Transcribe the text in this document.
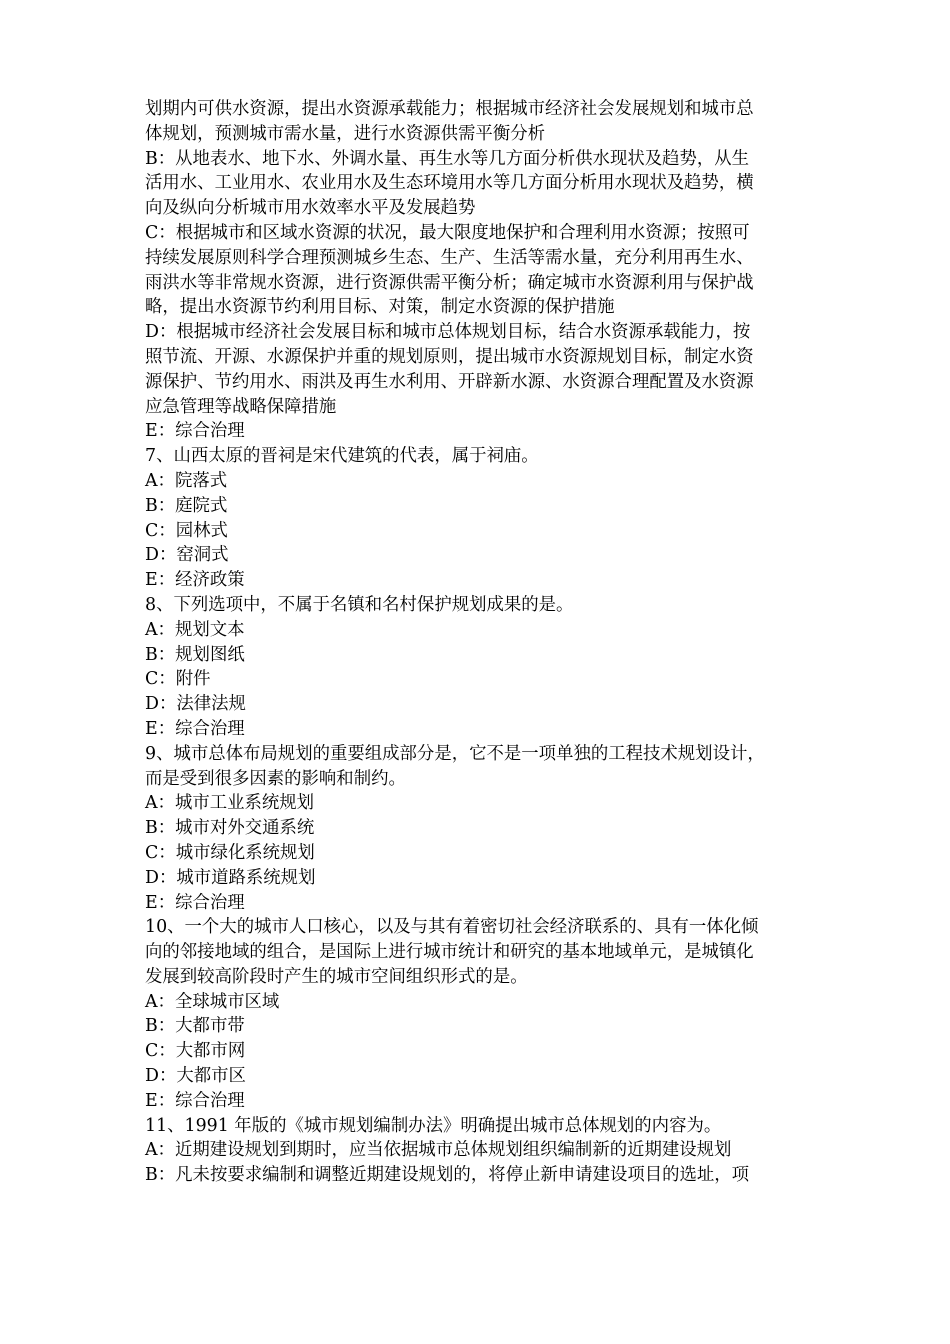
划期内可供水资源，提出水资源承载能力；根据城市经济社会发展规划和城市总
体规划，预测城市需水量，进行水资源供需平衡分析
B：从地表水、地下水、外调水量、再生水等几方面分析供水现状及趋势，从生
活用水、工业用水、农业用水及生态环境用水等几方面分析用水现状及趋势，横
向及纵向分析城市用水效率水平及发展趋势
C：根据城市和区域水资源的状况，最大限度地保护和合理利用水资源；按照可
持续发展原则科学合理预测城乡生态、生产、生活等需水量，充分利用再生水、
雨洪水等非常规水资源，进行资源供需平衡分析；确定城市水资源利用与保护战
略，提出水资源节约利用目标、对策，制定水资源的保护措施
D：根据城市经济社会发展目标和城市总体规划目标，结合水资源承载能力，按
照节流、开源、水源保护并重的规划原则，提出城市水资源规划目标，制定水资
源保护、节约用水、雨洪及再生水利用、开辟新水源、水资源合理配置及水资源
应急管理等战略保障措施
E：综合治理
7、山西太原的晋祠是宋代建筑的代表，属于祠庙。
A：院落式
B：庭院式
C：园林式
D：窑洞式
E：经济政策
8、下列选项中，不属于名镇和名村保护规划成果的是。
A：规划文本
B：规划图纸
C：附件
D：法律法规
E：综合治理
9、城市总体布局规划的重要组成部分是，它不是一项单独的工程技术规划设计，
而是受到很多因素的影响和制约。
A：城市工业系统规划
B：城市对外交通系统
C：城市绿化系统规划
D：城市道路系统规划
E：综合治理
10、一个大的城市人口核心，以及与其有着密切社会经济联系的、具有一体化倾
向的邻接地域的组合，是国际上进行城市统计和研究的基本地域单元，是城镇化
发展到较高阶段时产生的城市空间组织形式的是。
A：全球城市区域
B：大都市带
C：大都市网
D：大都市区
E：综合治理
11、1991 年版的《城市规划编制办法》明确提出城市总体规划的内容为。
A：近期建设规划到期时，应当依据城市总体规划组织编制新的近期建设规划
B：凡未按要求编制和调整近期建设规划的，将停止新申请建设项目的选址，项
